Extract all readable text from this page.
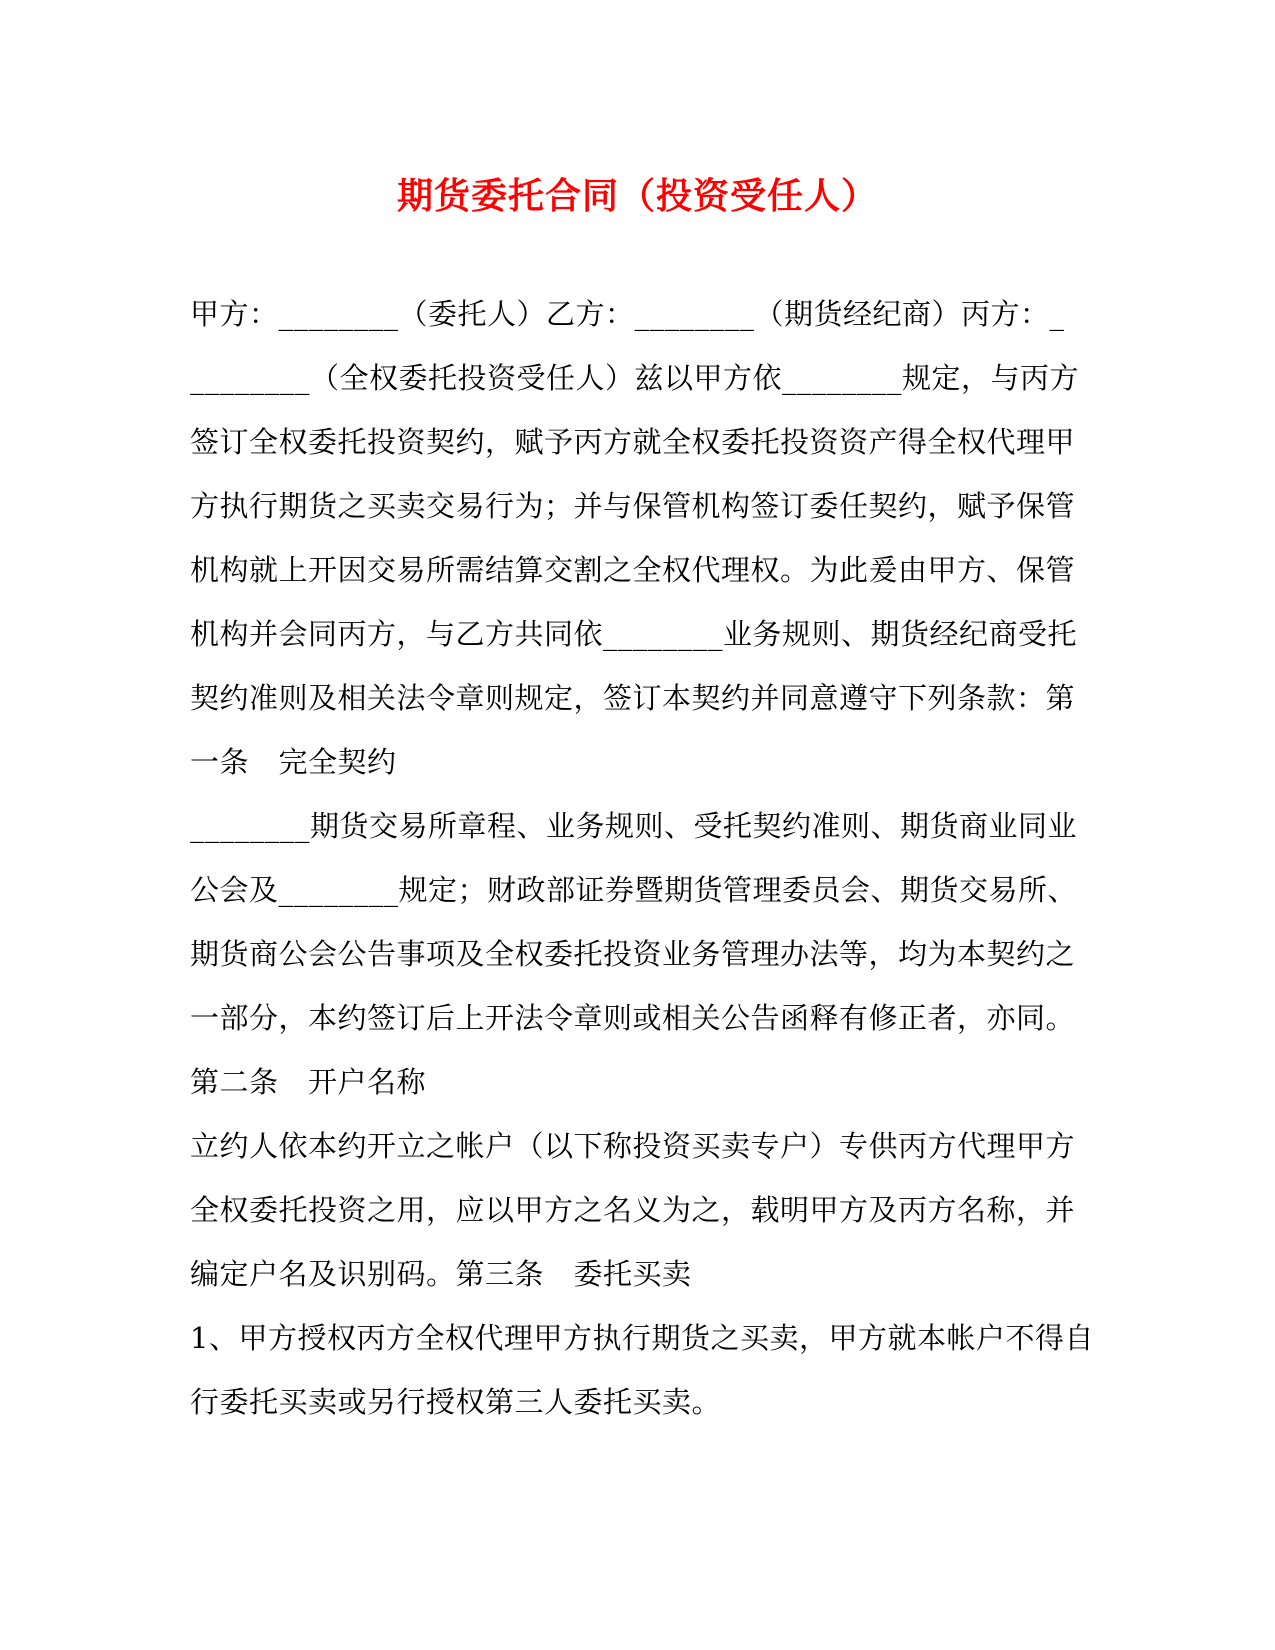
期货委托合同（投资受任人）
甲方：________（委托人）乙方：________（期货经纪商）丙方：_
________（全权委托投资受任人）兹以甲方依________规定，与丙方
签订全权委托投资契约，赋予丙方就全权委托投资资产得全权代理甲
方执行期货之买卖交易行为；并与保管机构签订委任契约，赋予保管
机构就上开因交易所需结算交割之全权代理权。为此爰由甲方、保管
机构并会同丙方，与乙方共同依________业务规则、期货经纪商受托
契约准则及相关法令章则规定，签订本契约并同意遵守下列条款：第
一条　完全契约
________期货交易所章程、业务规则、受托契约准则、期货商业同业
公会及________规定；财政部证券暨期货管理委员会、期货交易所、
期货商公会公告事项及全权委托投资业务管理办法等，均为本契约之
一部分，本约签订后上开法令章则或相关公告函释有修正者，亦同。
第二条　开户名称
立约人依本约开立之帐户（以下称投资买卖专户）专供丙方代理甲方
全权委托投资之用，应以甲方之名义为之，载明甲方及丙方名称，并
编定户名及识别码。第三条　委托买卖
1、甲方授权丙方全权代理甲方执行期货之买卖，甲方就本帐户不得自
行委托买卖或另行授权第三人委托买卖。
